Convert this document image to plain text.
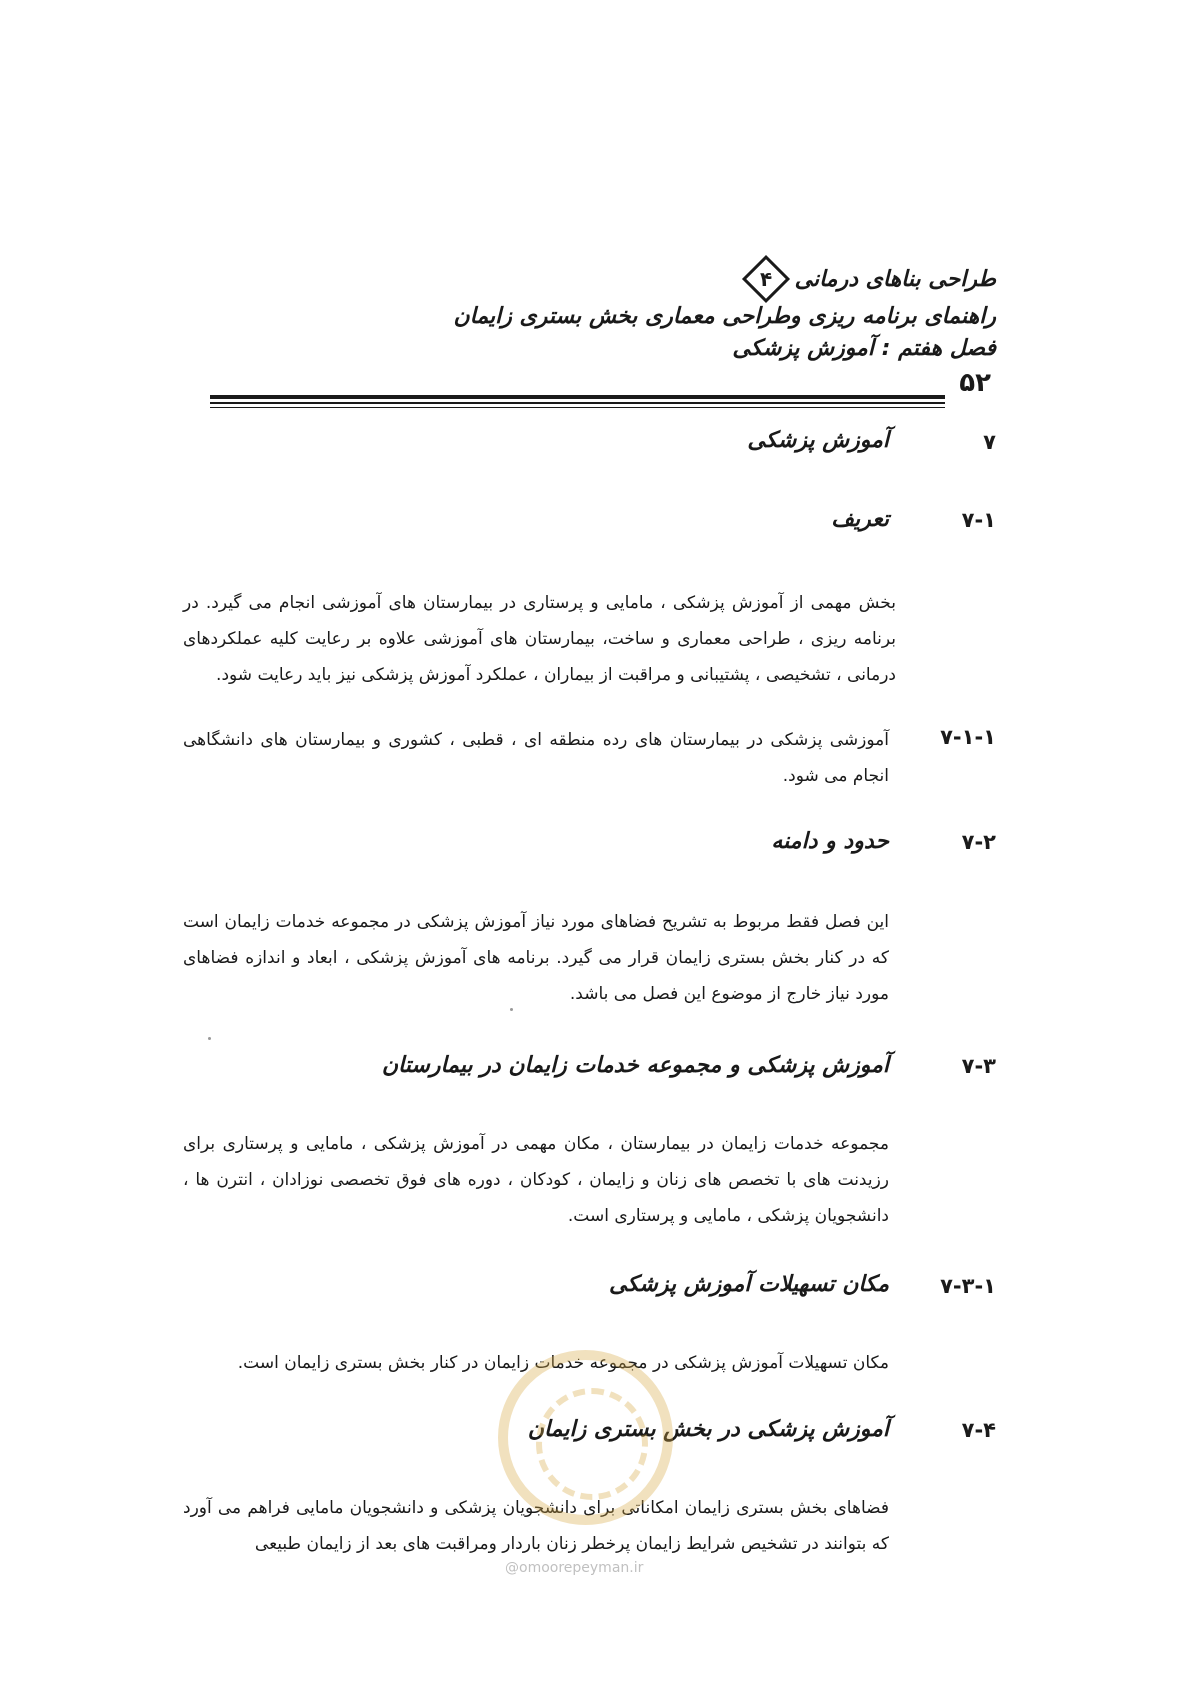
طراحی بناهای درمانی
۴
راهنمای برنامه ریزی وطراحی معماری بخش بستری زایمان
فصل هفتم : آموزش پزشکی
۵۲
۷
آموزش پزشکی
۷-۱
تعریف
بخش مهمی از آموزش پزشکی ، مامایی و پرستاری در بیمارستان های آموزشی انجام می گیرد. در برنامه ریزی ، طراحی معماری و ساخت، بیمارستان های آموزشی علاوه بر رعایت کلیه عملکردهای درمانی ، تشخیصی ، پشتیبانی و مراقبت از بیماران ، عملکرد آموزش پزشکی نیز باید رعایت شود.
۷-۱-۱
آموزشی پزشکی در بیمارستان های رده منطقه ای ، قطبی ، کشوری و بیمارستان های دانشگاهی انجام می شود.
۷-۲
حدود و دامنه
این فصل فقط مربوط به تشریح فضاهای مورد نیاز آموزش پزشکی در مجموعه خدمات زایمان است که در کنار بخش بستری زایمان قرار می گیرد. برنامه های آموزش پزشکی ، ابعاد و اندازه فضاهای مورد نیاز خارج از موضوع این فصل می باشد.
۷-۳
آموزش پزشکی و مجموعه خدمات زایمان در بیمارستان
مجموعه خدمات زایمان در بیمارستان ، مکان مهمی در آموزش پزشکی ، مامایی و پرستاری برای رزیدنت های با تخصص های زنان و زایمان ، کودکان ، دوره های فوق تخصصی نوزادان ، انترن ها ، دانشجویان پزشکی ، مامایی و پرستاری است.
۷-۳-۱
مکان تسهیلات آموزش پزشکی
مکان تسهیلات آموزش پزشکی در مجموعه خدمات زایمان در کنار بخش بستری زایمان است.
۷-۴
آموزش پزشکی در بخش بستری زایمان
فضاهای بخش بستری زایمان امکاناتی برای دانشجویان پزشکی و دانشجویان مامایی فراهم می آورد که بتوانند در تشخیص شرایط زایمان پرخطر زنان باردار ومراقبت های بعد از زایمان طبیعی
@omoorepeyman.ir
